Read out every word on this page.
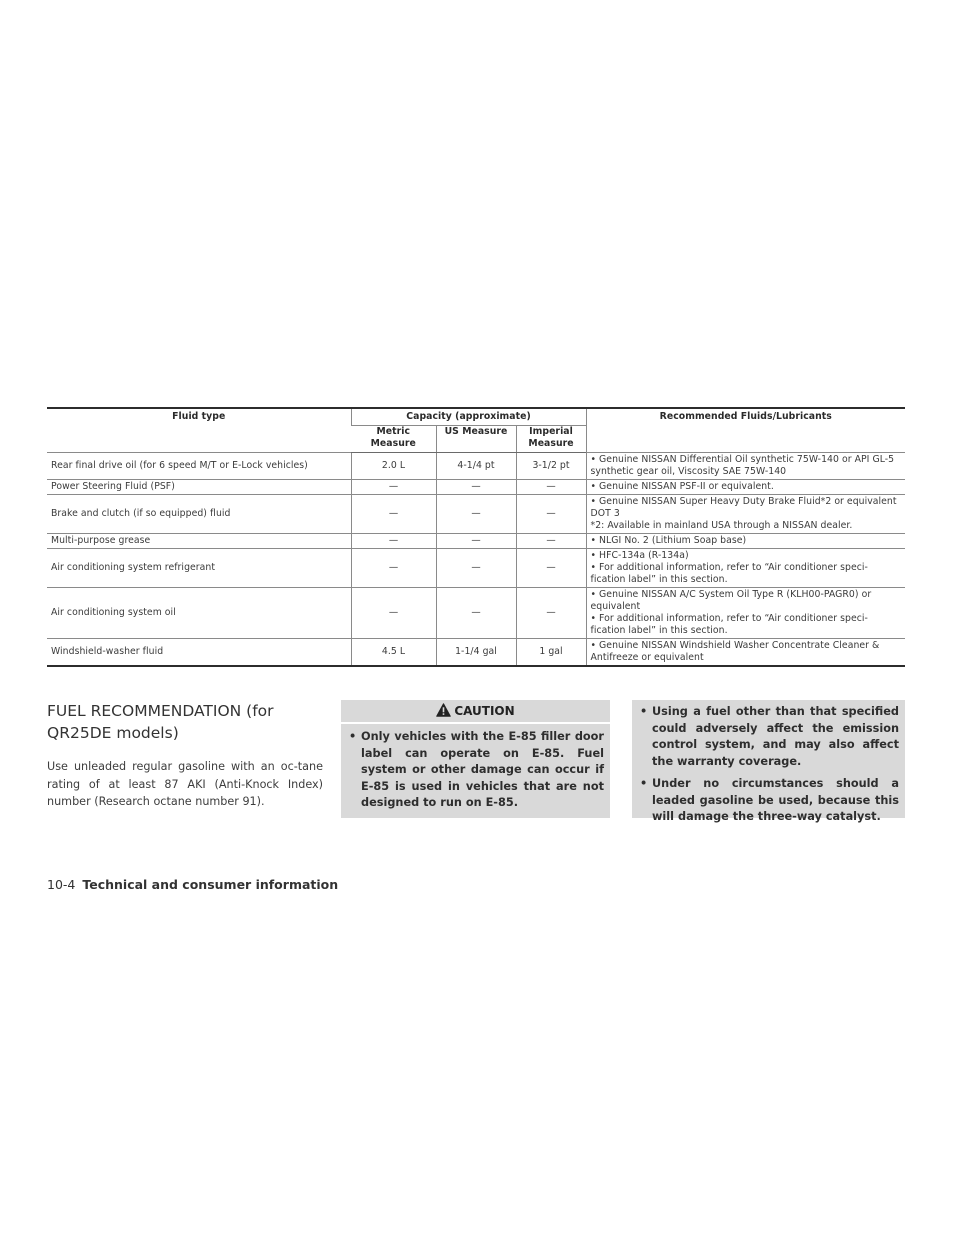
Fluid type	Capacity (approximate)			Recommended Fluids/Lubricants
	Metric Measure	US Measure	Imperial Measure	
Rear final drive oil (for 6 speed M/T or E-Lock vehicles)	2.0 L	4-1/4 pt	3-1/2 pt	• Genuine NISSAN Differential Oil synthetic 75W-140 or API GL-5 synthetic gear oil, Viscosity SAE 75W-140

Power Steering Fluid (PSF)	—	—	—	• Genuine NISSAN PSF-II or equivalent.

Brake and clutch (if so equipped) fluid	—	—	—	• Genuine NISSAN Super Heavy Duty Brake Fluid*2 or equivalent DOT 3
*2: Available in mainland USA through a NISSAN dealer.

Multi-purpose grease	—	—	—	• NLGI No. 2 (Lithium Soap base)

Air conditioning system refrigerant	—	—	—	• HFC-134a (R-134a)
• For additional information, refer to “Air conditioner speci-fication label” in this section.

Air conditioning system oil	—	—	—	• Genuine NISSAN A/C System Oil Type R (KLH00-PAGR0) or equivalent
• For additional information, refer to “Air conditioner speci-fication label” in this section.

Windshield-washer fluid	4.5 L	1-1/4 gal	1 gal	• Genuine NISSAN Windshield Washer Concentrate Cleaner & Antifreeze or equivalent
FUEL RECOMMENDATION (for QR25DE models)

Use unleaded regular gasoline with an oc-tane rating of at least 87 AKI (Anti-Knock Index) number (Research octane number 91).

CAUTION
• Only vehicles with the E-85 filler door label can operate on E-85. Fuel system or other damage can occur if E-85 is used in vehicles that are not designed to run on E-85.
• Using a fuel other than that specified could adversely affect the emission control system, and may also affect the warranty coverage.
• Under no circumstances should a leaded gasoline be used, because this will damage the three-way catalyst.
10-4 Technical and consumer information
